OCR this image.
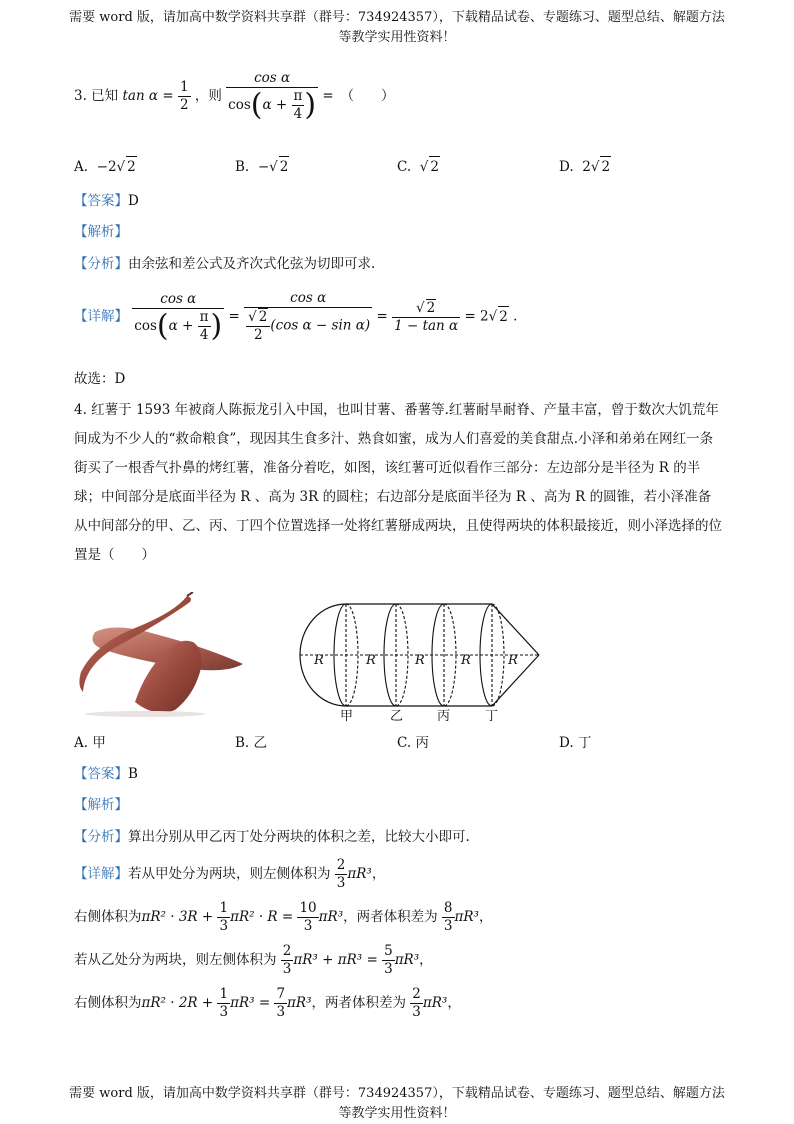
需要 word 版，请加高中数学资料共享群（群号：734924357），下载精品试卷、专题练习、题型总结、解题方法
等教学实用性资料！
3. 已知 $\tan \alpha = \frac{1}{2}$ ，则 $\frac{\text{cos α}}{\cos(\alpha + \frac{\pi}{4} )}$ =　（　　）
A. −2√ 2	B. −√ 2	C. √ 2	D. 2√ 2
【答案】D
【解析】
【分析】由余弦和差公式及齐次式化弦为切即可求.
【详解】 $\frac{\text{cos α}}{\cos(\alpha + \frac{\pi}{4} )} = \frac{\text{cos α}}{\frac{√ 2}{2} (\cos \alpha - \sin \alpha)} = \frac{√ 2}{\text{1 − tan α}} = 2√$ 2 .
故选：D
4. 红薯于 1593 年被商人陈振龙引入中国，也叫甘薯、番薯等.红薯耐旱耐脊、产量丰富，曾于数次大饥荒年间成为不少人的“救命粮食”，现因其生食多汁、熟食如蜜，成为人们喜爱的美食甜点.小泽和弟弟在网红一条街买了一根香气扑鼻的烤红薯，准备分着吃，如图，该红薯可近似看作三部分：左边部分是半径为 R 的半球；中间部分是底面半径为 R 、高为 3R 的圆柱；右边部分是底面半径为 R 、高为 R 的圆锥，若小泽准备从中间部分的甲、乙、丙、丁四个位置选择一处将红薯掰成两块，且使得两块的体积最接近，则小泽选择的位置是（　　）
R	R	R	R	R
甲	乙	丙	丁
A. 甲	B. 乙	C. 丙	D. 丁
【答案】B
【解析】
【分析】算出分别从甲乙丙丁处分两块的体积之差，比较大小即可.
【详解】若从甲处分为两块，则左侧体积为 $\frac{2}{3} \pi R^3$，
右侧体积为$\pi R^2 \cdot 3R + \frac{1}{3} \pi R^2 \cdot R = \frac{10}{3} \pi R^3$，两者体积差为 $\frac{8}{3} \pi R^3$，
若从乙处分为两块，则左侧体积为 $\frac{2}{3} \pi R^3 + \pi R^3 = \frac{5}{3} \pi R^3$，
右侧体积为$\pi R^2 \cdot 2R + \frac{1}{3} \pi R^3 = \frac{7}{3} \pi R^3$，两者体积差为 $\frac{2}{3} \pi R^3$，
需要 word 版，请加高中数学资料共享群（群号：734924357），下载精品试卷、专题练习、题型总结、解题方法
等教学实用性资料！
